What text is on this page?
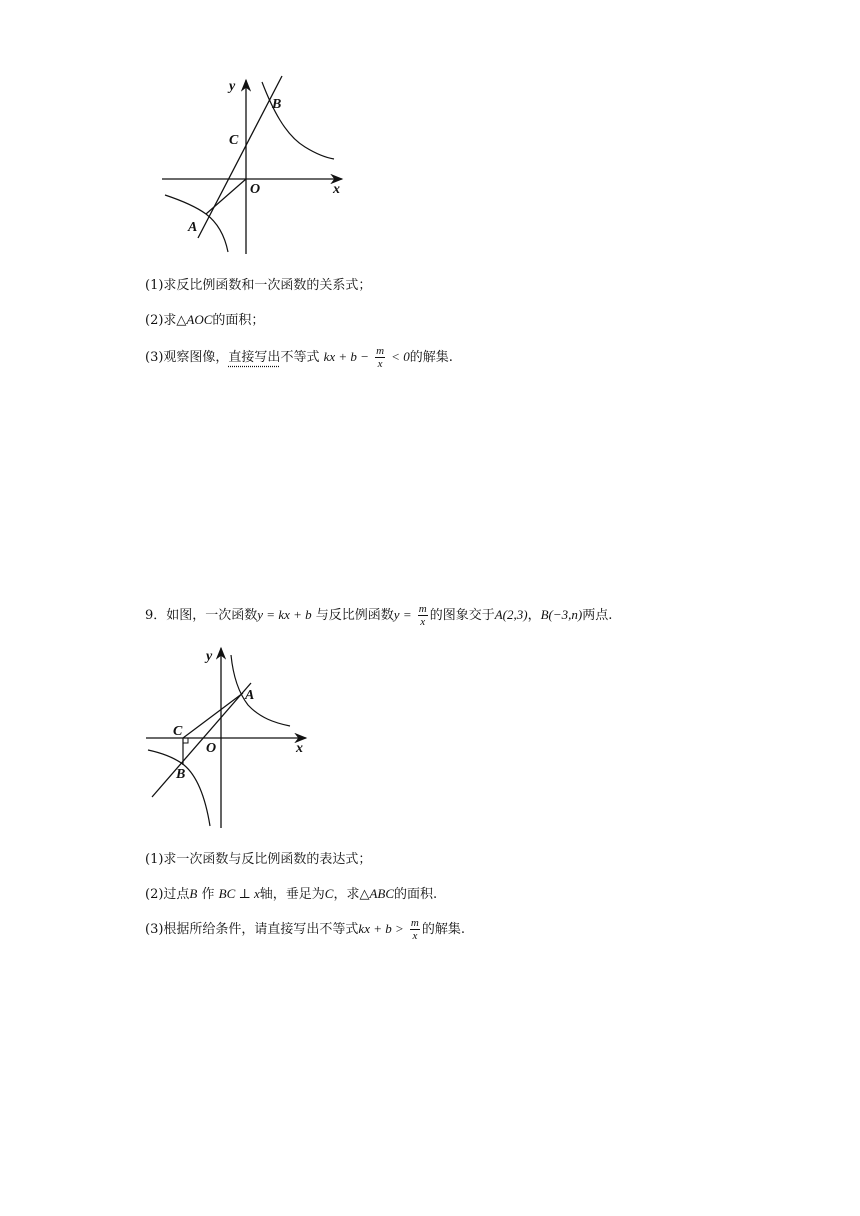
y
x
B
C
O
A
(1)求反比例函数和一次函数的关系式；
(2)求△AOC的面积；
(3)观察图像，直接写出不等式 kx + $b - \frac{m}{x} < 0$的解集.
9．如图，一次函数y = kx + b 与反比例函数$y = \frac{m}{x}$ 的图象交于A(2,3)，B(−3,n)两点.
y
x
A
C
O
B
(1)求一次函数与反比例函数的表达式；
(2)过点B 作 BC ⊥ x轴，垂足为C，求△ABC的面积.
(3)根据所给条件，请直接写出不等式kx + $b > \frac{m}{x}$ 的解集.
